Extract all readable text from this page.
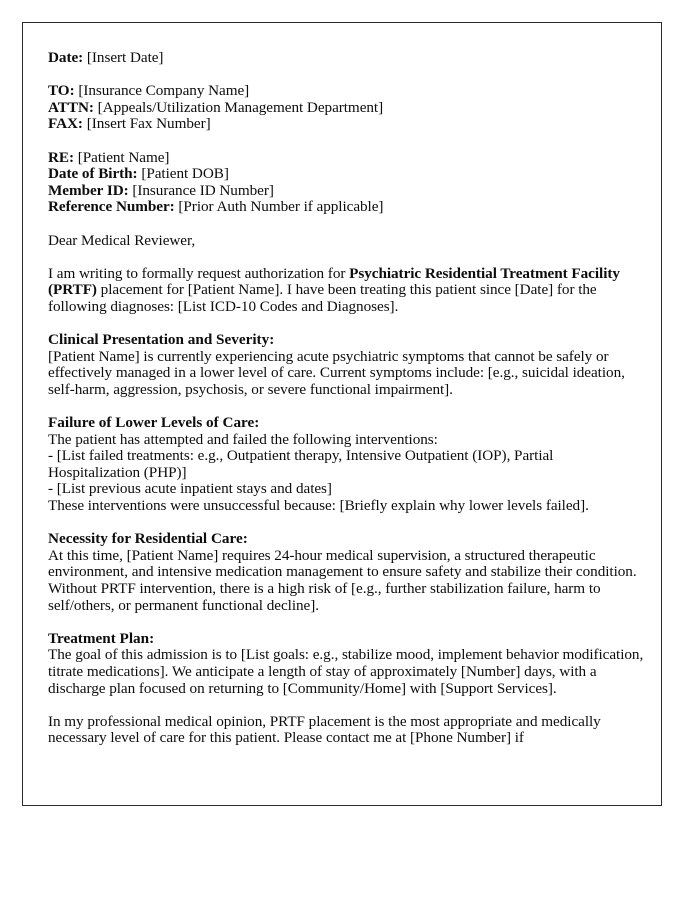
Date: [Insert Date]
TO: [Insurance Company Name]
ATTN: [Appeals/Utilization Management Department]
FAX: [Insert Fax Number]
RE: [Patient Name]
Date of Birth: [Patient DOB]
Member ID: [Insurance ID Number]
Reference Number: [Prior Auth Number if applicable]
Dear Medical Reviewer,
I am writing to formally request authorization for Psychiatric Residential Treatment Facility (PRTF) placement for [Patient Name]. I have been treating this patient since [Date] for the following diagnoses: [List ICD-10 Codes and Diagnoses].
Clinical Presentation and Severity:
[Patient Name] is currently experiencing acute psychiatric symptoms that cannot be safely or effectively managed in a lower level of care. Current symptoms include: [e.g., suicidal ideation, self-harm, aggression, psychosis, or severe functional impairment].
Failure of Lower Levels of Care:
The patient has attempted and failed the following interventions:
- [List failed treatments: e.g., Outpatient therapy, Intensive Outpatient (IOP), Partial Hospitalization (PHP)]
- [List previous acute inpatient stays and dates]
These interventions were unsuccessful because: [Briefly explain why lower levels failed].
Necessity for Residential Care:
At this time, [Patient Name] requires 24-hour medical supervision, a structured therapeutic environment, and intensive medication management to ensure safety and stabilize their condition. Without PRTF intervention, there is a high risk of [e.g., further stabilization failure, harm to self/others, or permanent functional decline].
Treatment Plan:
The goal of this admission is to [List goals: e.g., stabilize mood, implement behavior modification, titrate medications]. We anticipate a length of stay of approximately [Number] days, with a discharge plan focused on returning to [Community/Home] with [Support Services].
In my professional medical opinion, PRTF placement is the most appropriate and medically necessary level of care for this patient. Please contact me at [Phone Number] if
